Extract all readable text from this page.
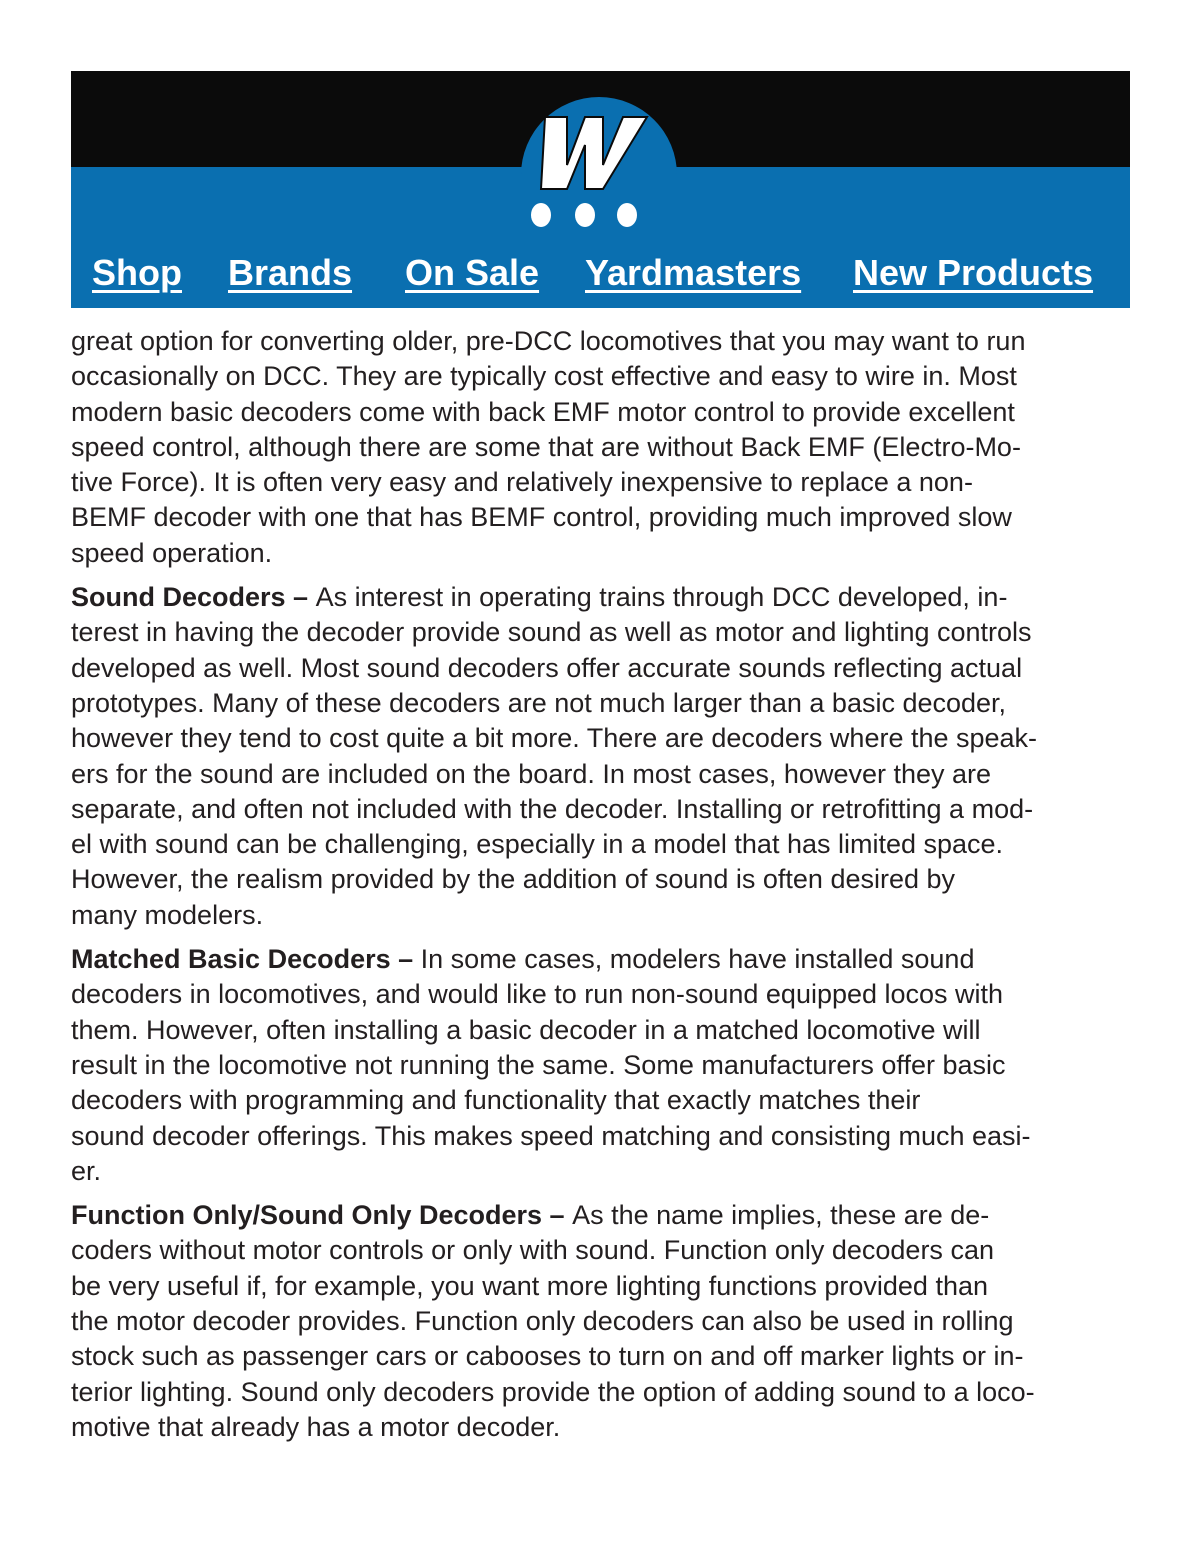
Shop Brands On Sale Yardmasters New Products

great option for converting older, pre-DCC locomotives that you may want to run
occasionally on DCC. They are typically cost effective and easy to wire in. Most
modern basic decoders come with back EMF motor control to provide excellent
speed control, although there are some that are without Back EMF (Electro-Mo-
tive Force). It is often very easy and relatively inexpensive to replace a non-
BEMF decoder with one that has BEMF control, providing much improved slow
speed operation.

Sound Decoders – As interest in operating trains through DCC developed, in-
terest in having the decoder provide sound as well as motor and lighting controls
developed as well. Most sound decoders offer accurate sounds reflecting actual
prototypes. Many of these decoders are not much larger than a basic decoder,
however they tend to cost quite a bit more. There are decoders where the speak-
ers for the sound are included on the board. In most cases, however they are
separate, and often not included with the decoder. Installing or retrofitting a mod-
el with sound can be challenging, especially in a model that has limited space.
However, the realism provided by the addition of sound is often desired by
many modelers.

Matched Basic Decoders – In some cases, modelers have installed sound
decoders in locomotives, and would like to run non-sound equipped locos with
them. However, often installing a basic decoder in a matched locomotive will
result in the locomotive not running the same. Some manufacturers offer basic
decoders with programming and functionality that exactly matches their
sound decoder offerings. This makes speed matching and consisting much easi-
er.

Function Only/Sound Only Decoders – As the name implies, these are de-
coders without motor controls or only with sound. Function only decoders can
be very useful if, for example, you want more lighting functions provided than
the motor decoder provides. Function only decoders can also be used in rolling
stock such as passenger cars or cabooses to turn on and off marker lights or in-
terior lighting. Sound only decoders provide the option of adding sound to a loco-
motive that already has a motor decoder.
